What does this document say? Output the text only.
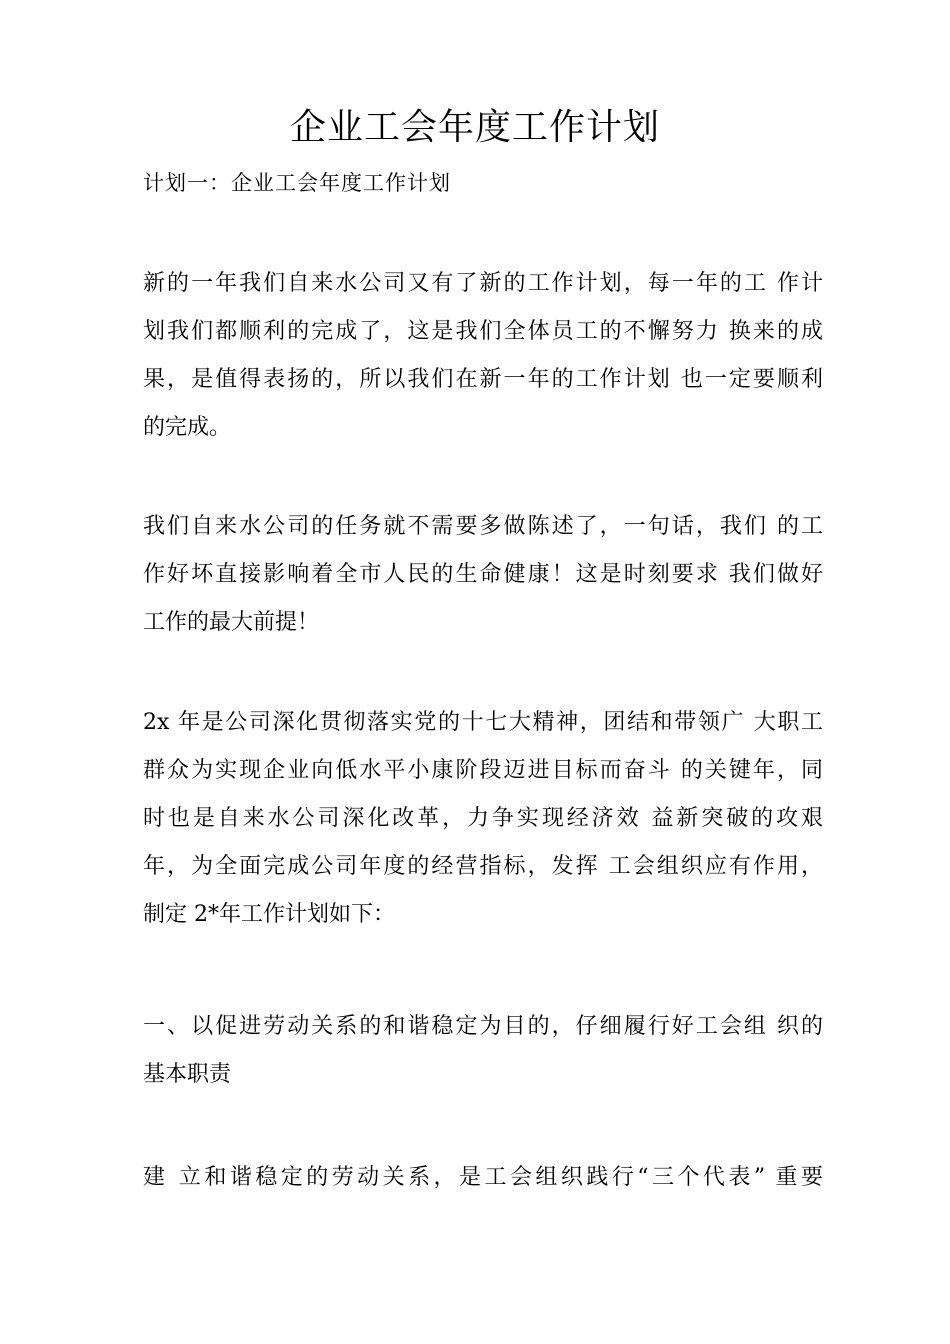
企业工会年度工作计划

计划一：企业工会年度工作计划

新的一年我们自来水公司又有了新的工作计划，每一年的工 作计
划我们都顺利的完成了，这是我们全体员工的不懈努力 换来的成
果，是值得表扬的，所以我们在新一年的工作计划 也一定要顺利
的完成。
我们自来水公司的任务就不需要多做陈述了，一句话，我们 的工
作好坏直接影响着全市人民的生命健康！这是时刻要求 我们做好
工作的最大前提！
2x 年是公司深化贯彻落实党的十七大精神，团结和带领广 大职工
群众为实现企业向低水平小康阶段迈进目标而奋斗 的关键年，同
时也是自来水公司深化改革，力争实现经济效 益新突破的攻艰
年，为全面完成公司年度的经营指标，发挥 工会组织应有作用，
制定 2*年工作计划如下：
一、以促进劳动关系的和谐稳定为目的，仔细履行好工会组 织的
基本职责
建 立和谐稳定的劳动关系，是工会组织践行“三个代表” 重要
